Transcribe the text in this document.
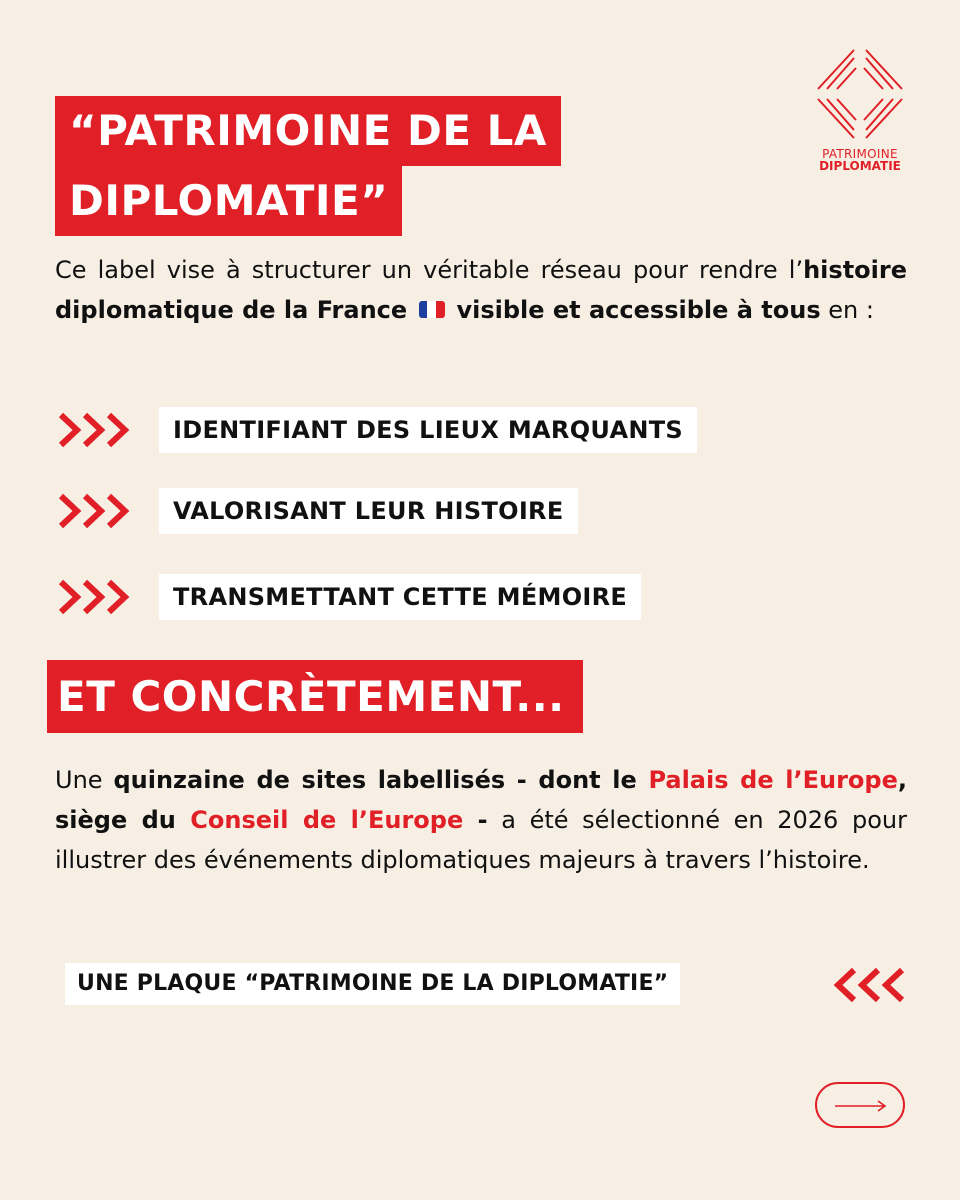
PATRIMOINE
DIPLOMATIE
“PATRIMOINE DE LA
DIPLOMATIE”
Ce label vise à structurer un véritable réseau pour rendre l’histoire diplomatique de la France visible et accessible à tous en :
IDENTIFIANT DES LIEUX MARQUANTS
VALORISANT LEUR HISTOIRE
TRANSMETTANT CETTE MÉMOIRE
ET CONCRÈTEMENT...
Une quinzaine de sites labellisés - dont le Palais de l’Europe, siège du Conseil de l’Europe - a été sélectionné en 2026 pour illustrer des événements diplomatiques majeurs à travers l’histoire.
UNE PLAQUE “PATRIMOINE DE LA DIPLOMATIE”
